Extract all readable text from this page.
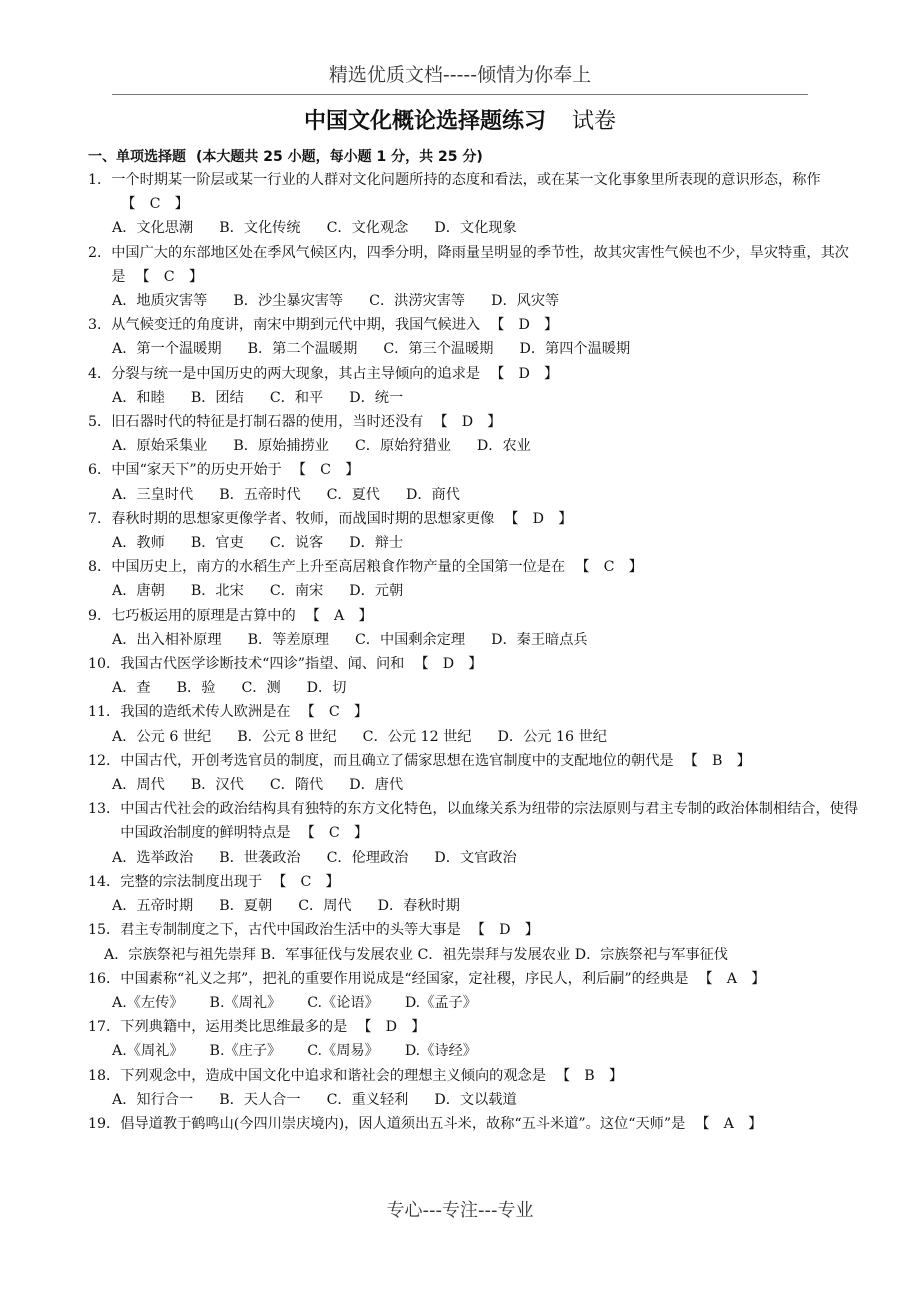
精选优质文档-----倾情为你奉上
中国文化概论选择题练习 试卷
一、单项选择题 (本大题共 25 小题，每小题 1 分，共 25 分)
1． 一个时期某一阶层或某一行业的人群对文化问题所持的态度和看法，或在某一文化事象里所表现的意识形态，称作【　C　】
A．文化思潮 B．文化传统 C．文化观念 D．文化现象
2． 中国广大的东部地区处在季风气候区内，四季分明，降雨量呈明显的季节性，故其灾害性气候也不少，旱灾特重，其次是 【　C　】
A．地质灾害等 B．沙尘暴灾害等 C．洪涝灾害等 D．风灾等
3． 从气候变迁的角度讲，南宋中期到元代中期，我国气候进入 【　D　】
A．第一个温暖期 B．第二个温暖期 C．第三个温暖期 D．第四个温暖期
4． 分裂与统一是中国历史的两大现象，其占主导倾向的追求是 【　D　】
A．和睦 B．团结 C．和平 D．统一
5． 旧石器时代的特征是打制石器的使用，当时还没有 【　D　】
A．原始采集业 B．原始捕捞业 C．原始狩猎业 D．农业
6． 中国“家天下”的历史开始于 【　C　】
A．三皇时代 B．五帝时代 C．夏代 D．商代
7． 春秋时期的思想家更像学者、牧师，而战国时期的思想家更像 【　D　】
A．教师 B．官吏 C．说客 D．辩士
8． 中国历史上，南方的水稻生产上升至高居粮食作物产量的全国第一位是在 【　C　】
A．唐朝 B．北宋 C．南宋 D．元朝
9． 七巧板运用的原理是古算中的 【　A　】
A．出入相补原理 B．等差原理 C．中国剩余定理 D．秦王暗点兵
10． 我国古代医学诊断技术“四诊”指望、闻、问和 【　D　】
A．查 B．验 C．测 D．切
11． 我国的造纸术传人欧洲是在 【　C　】
A．公元 6 世纪 B．公元 8 世纪 C．公元 12 世纪 D．公元 16 世纪
12． 中国古代，开创考选官员的制度，而且确立了儒家思想在选官制度中的支配地位的朝代是 【　B　】
A．周代 B．汉代 C．隋代 D．唐代
13． 中国古代社会的政治结构具有独特的东方文化特色，以血缘关系为纽带的宗法原则与君主专制的政治体制相结合，使得中国政治制度的鲜明特点是 【　C　】
A．选举政治 B．世袭政治 C．伦理政治 D．文官政治
14． 完整的宗法制度出现于 【　C　】
A．五帝时期 B．夏朝 C．周代 D．春秋时期
15． 君主专制制度之下，古代中国政治生活中的头等大事是 【　D　】
A．宗族祭祀与祖先崇拜 B．军事征伐与发展农业 C．祖先崇拜与发展农业 D．宗族祭祀与军事征伐
16． 中国素称“礼义之邦”，把礼的重要作用说成是“经国家，定社稷，序民人，利后嗣”的经典是 【　A　】
A.《左传》 B.《周礼》 C.《论语》 D.《孟子》
17． 下列典籍中，运用类比思维最多的是 【　D　】
A.《周礼》 B.《庄子》 C.《周易》 D.《诗经》
18． 下列观念中，造成中国文化中追求和谐社会的理想主义倾向的观念是 【　B　】
A．知行合一 B．天人合一 C．重义轻利 D．文以载道
19． 倡导道教于鹤鸣山(今四川崇庆境内)，因人道须出五斗米，故称“五斗米道”。这位“天师”是 【　A　】
专心---专注---专业
